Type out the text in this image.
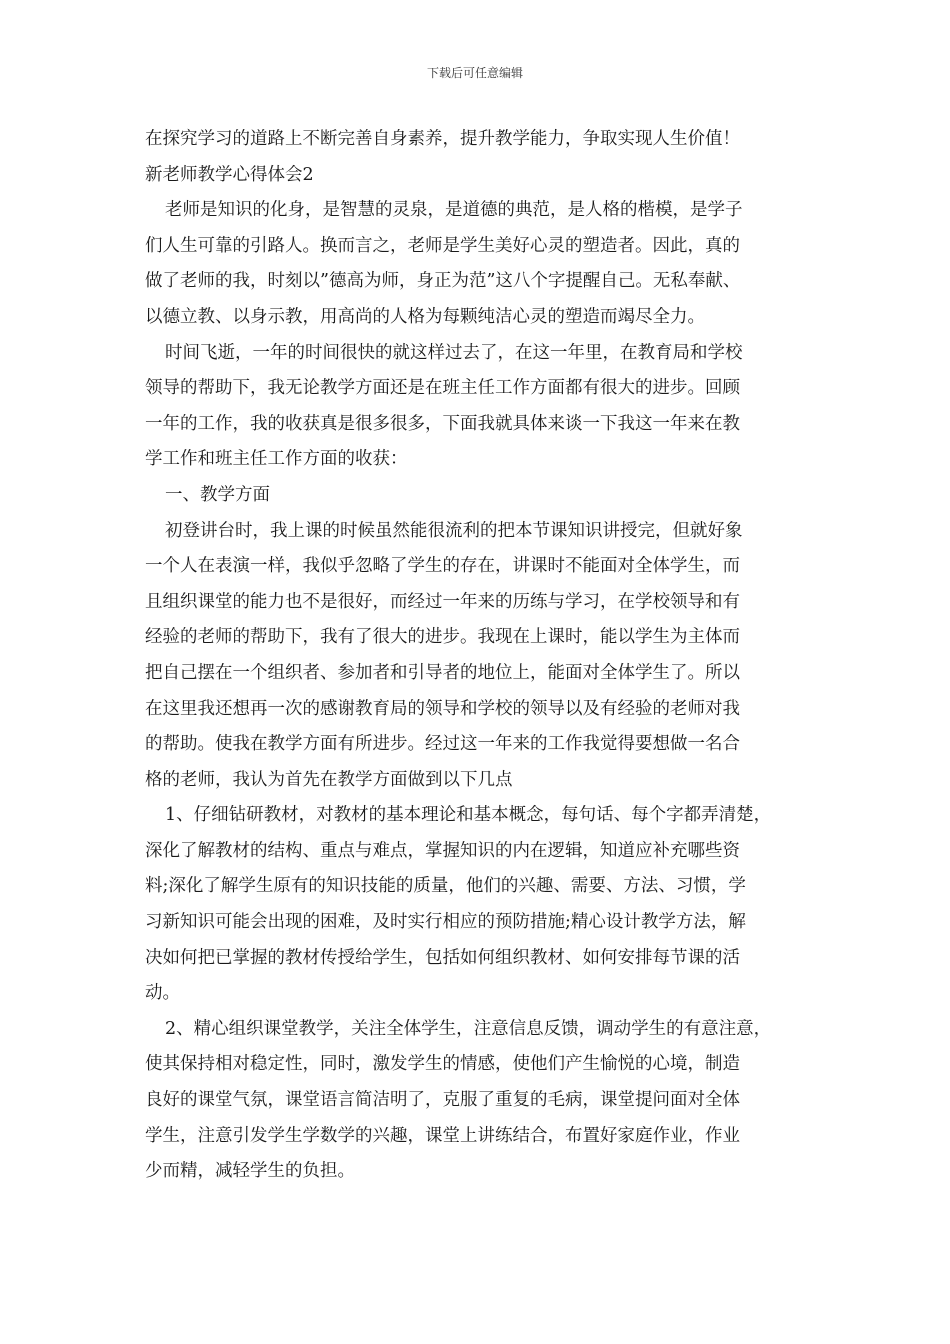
下载后可任意编辑

在探究学习的道路上不断完善自身素养，提升教学能力，争取实现人生价值！

新老师教学心得体会2

老师是知识的化身，是智慧的灵泉，是道德的典范，是人格的楷模，是学子

们人生可靠的引路人。换而言之，老师是学生美好心灵的塑造者。因此，真的

做了老师的我，时刻以”德高为师，身正为范”这八个字提醒自己。无私奉献、

以德立教、以身示教，用高尚的人格为每颗纯洁心灵的塑造而竭尽全力。

时间飞逝，一年的时间很快的就这样过去了，在这一年里，在教育局和学校

领导的帮助下，我无论教学方面还是在班主任工作方面都有很大的进步。回顾

一年的工作，我的收获真是很多很多，下面我就具体来谈一下我这一年来在教

学工作和班主任工作方面的收获：

一、教学方面

初登讲台时，我上课的时候虽然能很流利的把本节课知识讲授完，但就好象

一个人在表演一样，我似乎忽略了学生的存在，讲课时不能面对全体学生，而

且组织课堂的能力也不是很好，而经过一年来的历练与学习，在学校领导和有

经验的老师的帮助下，我有了很大的进步。我现在上课时，能以学生为主体而

把自己摆在一个组织者、参加者和引导者的地位上，能面对全体学生了。所以

在这里我还想再一次的感谢教育局的领导和学校的领导以及有经验的老师对我

的帮助。使我在教学方面有所进步。经过这一年来的工作我觉得要想做一名合

格的老师，我认为首先在教学方面做到以下几点

1、仔细钻研教材，对教材的基本理论和基本概念，每句话、每个字都弄清楚，

深化了解教材的结构、重点与难点，掌握知识的内在逻辑，知道应补充哪些资

料;深化了解学生原有的知识技能的质量，他们的兴趣、需要、方法、习惯，学

习新知识可能会出现的困难，及时实行相应的预防措施;精心设计教学方法，解

决如何把已掌握的教材传授给学生，包括如何组织教材、如何安排每节课的活

动。

2、精心组织课堂教学，关注全体学生，注意信息反馈，调动学生的有意注意，

使其保持相对稳定性，同时，激发学生的情感，使他们产生愉悦的心境，制造

良好的课堂气氛，课堂语言简洁明了，克服了重复的毛病，课堂提问面对全体

学生，注意引发学生学数学的兴趣，课堂上讲练结合，布置好家庭作业，作业

少而精，减轻学生的负担。
